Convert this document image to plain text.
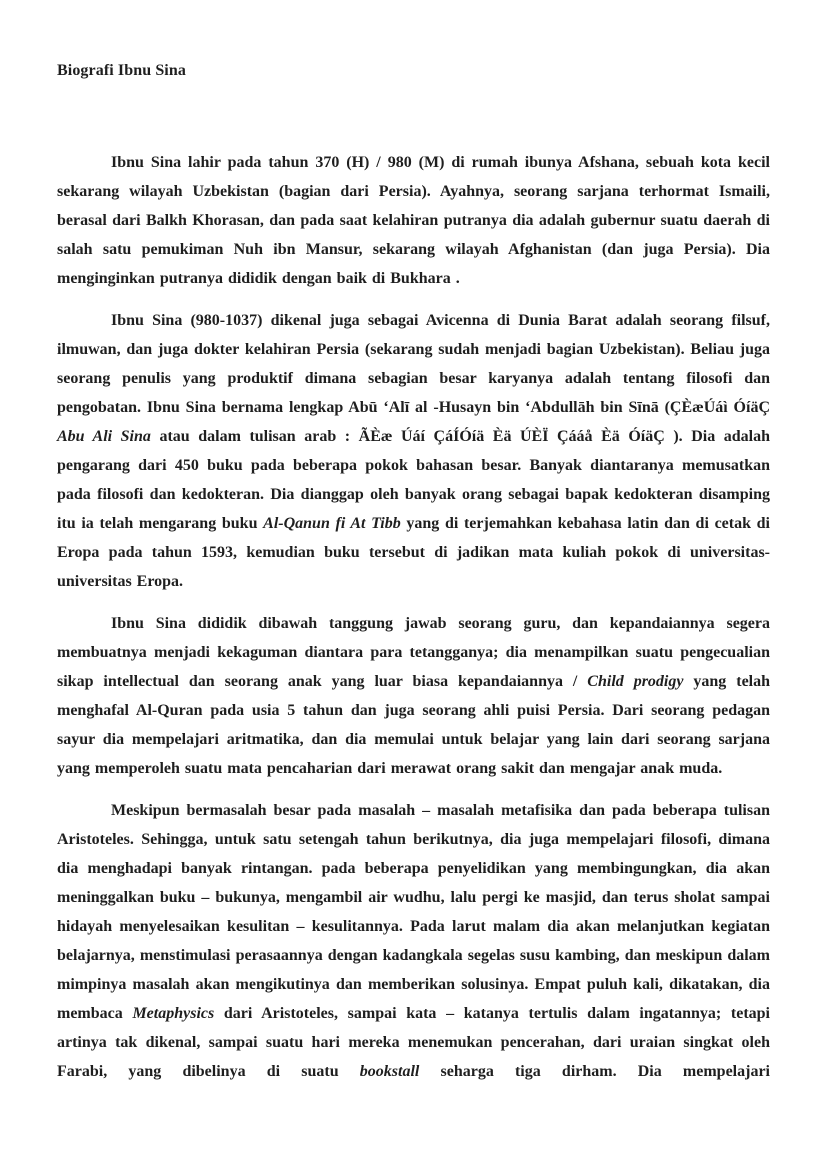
Biografi Ibnu Sina

Ibnu Sina lahir pada tahun 370 (H) / 980 (M) di rumah ibunya Afshana, sebuah kota kecil sekarang wilayah Uzbekistan (bagian dari Persia). Ayahnya, seorang sarjana terhormat Ismaili, berasal dari Balkh Khorasan, dan pada saat kelahiran putranya dia adalah gubernur suatu daerah di salah satu pemukiman Nuh ibn Mansur, sekarang wilayah Afghanistan (dan juga Persia). Dia menginginkan putranya dididik dengan baik di Bukhara .

Ibnu Sina (980-1037) dikenal juga sebagai Avicenna di Dunia Barat adalah seorang filsuf, ilmuwan, dan juga dokter kelahiran Persia (sekarang sudah menjadi bagian Uzbekistan). Beliau juga seorang penulis yang produktif dimana sebagian besar karyanya adalah tentang filosofi dan pengobatan. Ibnu Sina bernama lengkap Abū ‘Alī al -Husayn bin ‘Abdullāh bin Sīnā (ÇÈæÚáì ÓíäÇ Abu Ali Sina atau dalam tulisan arab : ÃÈæ Úáí ÇáÍÓíä Èä ÚÈÏ Çááå Èä ÓíäÇ ). Dia adalah pengarang dari 450 buku pada beberapa pokok bahasan besar. Banyak diantaranya memusatkan pada filosofi dan kedokteran. Dia dianggap oleh banyak orang sebagai bapak kedokteran disamping itu ia telah mengarang buku Al-Qanun fi At Tibb yang di terjemahkan kebahasa latin dan di cetak di Eropa pada tahun 1593, kemudian buku tersebut di jadikan mata kuliah pokok di universitas-universitas Eropa.

Ibnu Sina dididik dibawah tanggung jawab seorang guru, dan kepandaiannya segera membuatnya menjadi kekaguman diantara para tetangganya; dia menampilkan suatu pengecualian sikap intellectual dan seorang anak yang luar biasa kepandaiannya / Child prodigy yang telah menghafal Al-Quran pada usia 5 tahun dan juga seorang ahli puisi Persia. Dari seorang pedagan sayur dia mempelajari aritmatika, dan dia memulai untuk belajar yang lain dari seorang sarjana yang memperoleh suatu mata pencaharian dari merawat orang sakit dan mengajar anak muda.

Meskipun bermasalah besar pada masalah – masalah metafisika dan pada beberapa tulisan Aristoteles. Sehingga, untuk satu setengah tahun berikutnya, dia juga mempelajari filosofi, dimana dia menghadapi banyak rintangan. pada beberapa penyelidikan yang membingungkan, dia akan meninggalkan buku – bukunya, mengambil air wudhu, lalu pergi ke masjid, dan terus sholat sampai hidayah menyelesaikan kesulitan – kesulitannya. Pada larut malam dia akan melanjutkan kegiatan belajarnya, menstimulasi perasaannya dengan kadangkala segelas susu kambing, dan meskipun dalam mimpinya masalah akan mengikutinya dan memberikan solusinya. Empat puluh kali, dikatakan, dia membaca Metaphysics dari Aristoteles, sampai kata – katanya tertulis dalam ingatannya; tetapi artinya tak dikenal, sampai suatu hari mereka menemukan pencerahan, dari uraian singkat oleh Farabi, yang dibelinya di suatu bookstall seharga tiga dirham. Dia mempelajari
